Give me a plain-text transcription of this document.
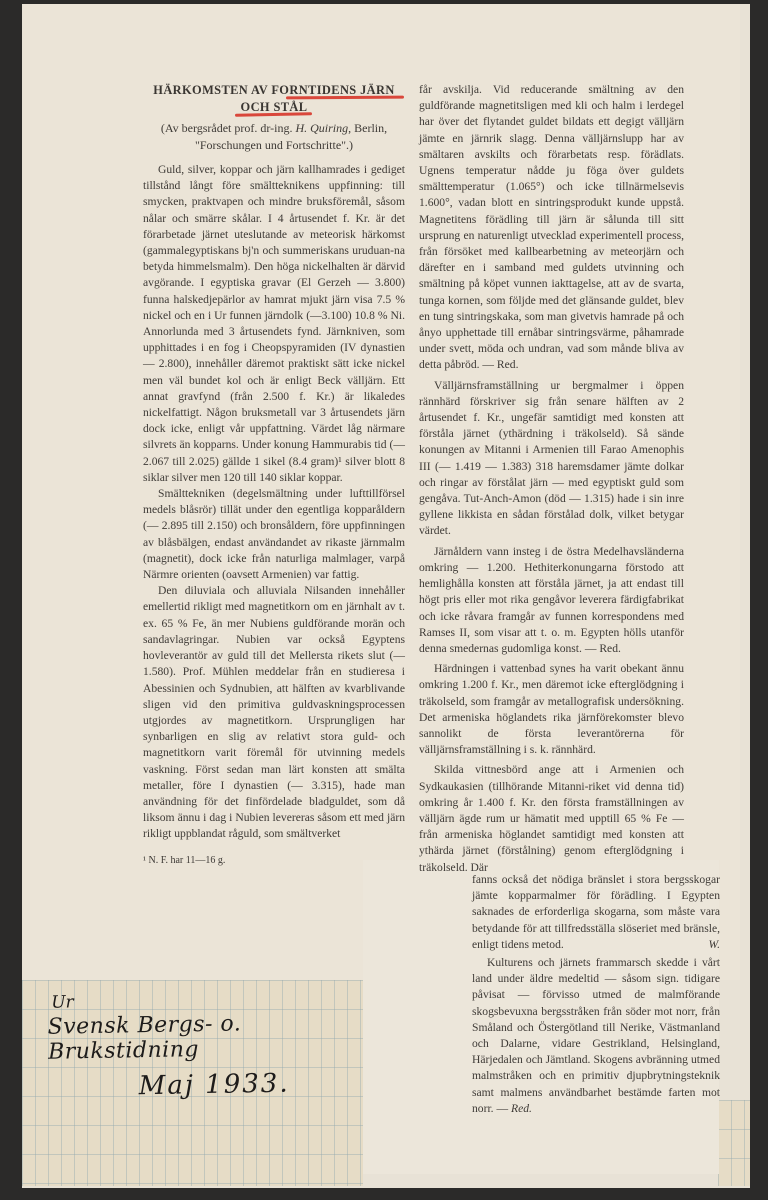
HÄRKOMSTEN AV FORNTIDENS JÄRN
OCH STÅL
(Av bergsrådet prof. dr-ing. H. Quiring, Berlin,
"Forschungen und Fortschritte".)

Guld, silver, koppar och järn kallhamrades i gediget tillstånd långt före smältteknikens uppfinning: till smycken, praktvapen och mindre bruksföremål, såsom nålar och smärre skålar. I 4 årtusendet f. Kr. är det förarbetade järnet uteslutande av meteorisk härkomst (gammalegyptiskans bj'n och summeriskans uruduan-na betyda himmelsmalm). Den höga nickelhalten är därvid avgörande. I egyptiska gravar (El Gerzeh — 3.800) funna halskedjepärlor av hamrat mjukt järn visa 7.5 % nickel och en i Ur funnen järndolk (—3.100) 10.8 % Ni. Annorlunda med 3 årtusendets fynd. Järnkniven, som upphittades i en fog i Cheopspyramiden (IV dynastien — 2.800), innehåller däremot praktiskt sätt icke nickel men väl bundet kol och är enligt Beck välljärn. Ett annat gravfynd (från 2.500 f. Kr.) är likaledes nickelfattigt. Någon bruksmetall var 3 årtusendets järn dock icke, enligt vår uppfattning. Värdet låg närmare silvrets än kopparns. Under konung Hammurabis tid (— 2.067 till 2.025) gällde 1 sikel (8.4 gram)¹ silver blott 8 siklar silver men 120 till 140 siklar koppar.

Smälttekniken (degelsmältning under lufttillförsel medels blåsrör) tillät under den egentliga kopparåldern (— 2.895 till 2.150) och bronsåldern, före uppfinningen av blåsbälgen, endast användandet av rikaste järnmalm (magnetit), dock icke från naturliga malmlager, varpå Närmre orienten (oavsett Armenien) var fattig.

Den diluviala och alluviala Nilsanden innehåller emellertid rikligt med magnetitkorn om en järnhalt av t. ex. 65 % Fe, än mer Nubiens guldförande morän och sandavlagringar. Nubien var också Egyptens hovleverantör av guld till det Mellersta rikets slut (— 1.580). Prof. Mühlen meddelar från en studieresa i Abessinien och Sydnubien, att hälften av kvarblivande sligen vid den primitiva guldvaskningsprocessen utgjordes av magnetitkorn. Ursprungligen har synbarligen en slig av relativt stora guld- och magnetitkorn varit föremål för utvinning medels vaskning. Först sedan man lärt konsten att smälta metaller, före I dynastien (— 3.315), hade man användning för det finfördelade bladguldet, som då liksom ännu i dag i Nubien levereras såsom ett med järn rikligt uppblandat råguld, som smältverket

¹ N. F. har 11—16 g.

får avskilja. Vid reducerande smältning av den guldförande magnetitsligen med kli och halm i lerdegel har över det flytandet guldet bildats ett degigt välljärn jämte en järnrik slagg. Denna välljärnslupp har av smältaren avskilts och förarbetats resp. förädlats. Ugnens temperatur nådde ju föga över guldets smälttemperatur (1.065°) och icke tillnärmelsevis 1.600°, vadan blott en sintringsprodukt kunde uppstå. Magnetitens förädling till järn är sålunda till sitt ursprung en naturenligt utvecklad experimentell process, från försöket med kallbearbetning av meteorjärn och därefter en i samband med guldets utvinning och smältning på köpet vunnen iakttagelse, att av de svarta, tunga kornen, som följde med det glänsande guldet, blev en tung sintringskaka, som man givetvis hamrade på och ånyo upphettade till ernåbar sintringsvärme, påhamrade under svett, möda och undran, vad som månde bliva av detta påbröd. — Red.

Välljärnsframställning ur bergmalmer i öppen rännhärd förskriver sig från senare hälften av 2 årtusendet f. Kr., ungefär samtidigt med konsten att förståla järnet (ythärdning i träkolseld). Så sände konungen av Mitanni i Armenien till Farao Amenophis III (— 1.419 — 1.383) 318 haremsdamer jämte dolkar och ringar av förstålat järn — med egyptiskt guld som gengåva. Tut-Anch-Amon (död — 1.315) hade i sin inre gyllene likkista en sådan förstålad dolk, vilket betygar värdet.

Järnåldern vann insteg i de östra Medelhavsländerna omkring — 1.200. Hethiterkonungarna förstodo att hemlighålla konsten att förståla järnet, ja att endast till högt pris eller mot rika gengåvor leverera färdigfabrikat och icke råvara framgår av funnen korrespondens med Ramses II, som visar att t. o. m. Egypten hölls utanför denna smedernas gudomliga konst. — Red.

Härdningen i vattenbad synes ha varit obekant ännu omkring 1.200 f. Kr., men däremot icke efterglödgning i träkolseld, som framgår av metallografisk undersökning. Det armeniska höglandets rika järnförekomster blevo sannolikt de första leverantörerna för välljärnsframställning i s. k. rännhärd.

Skilda vittnesbörd ange att i Armenien och Sydkaukasien (tillhörande Mitanni-riket vid denna tid) omkring år 1.400 f. Kr. den första framställningen av välljärn ägde rum ur hämatit med upptill 65 % Fe — från armeniska höglandet samtidigt med konsten att ythärda järnet (förstålning) genom efterglödgning i träkolseld. Där

fanns också det nödiga bränslet i stora bergsskogar jämte kopparmalmer för förädling. I Egypten saknades de erforderliga skogarna, som måste vara betydande för att tillfredsställa slöseriet med bränsle, enligt tidens metod.	W.

Kulturens och järnets frammarsch skedde i vårt land under äldre medeltid — såsom sign. tidigare påvisat — förvisso utmed de malmförande skogsbevuxna bergsstråken från söder mot norr, från Småland och Östergötland till Nerike, Västmanland och Dalarne, vidare Gestrikland, Helsingland, Härjedalen och Jämtland. Skogens avbränning utmed malmstråken och en primitiv djupbrytningsteknik samt malmens användbarhet bestämde farten mot norr. — Red.

Ur
Svensk Bergs- o. Brukstidning
Maj 1933.
